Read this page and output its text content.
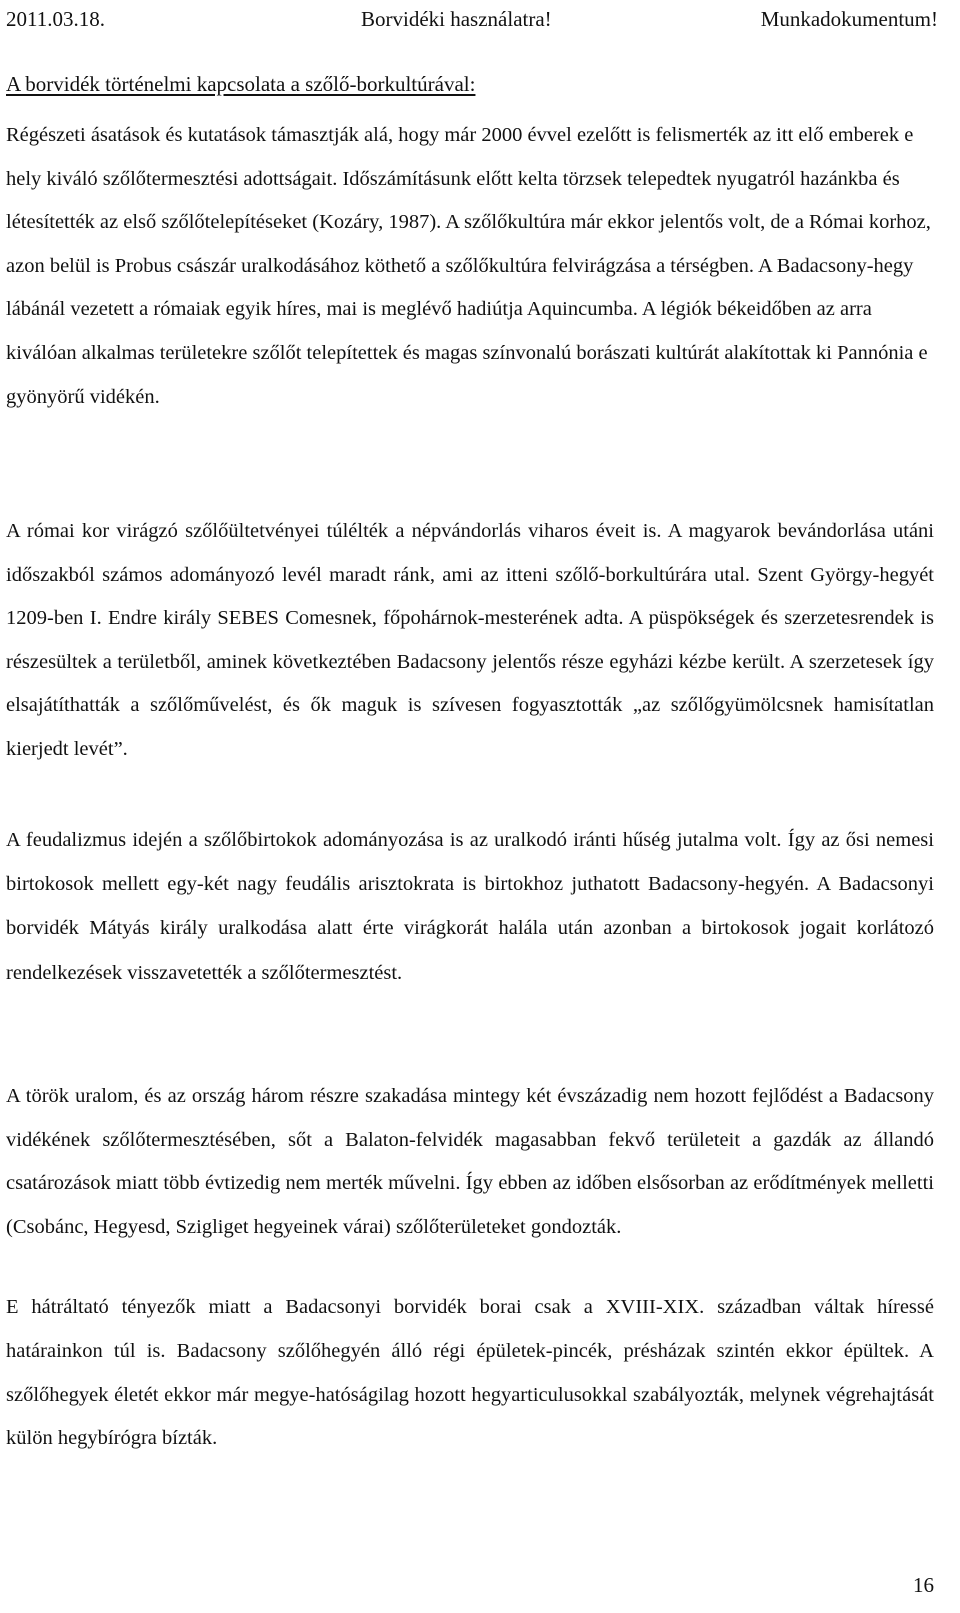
2011.03.18.	Borvidéki használatra!	Munkadokumentum!
A borvidék történelmi kapcsolata a szőlő-borkultúrával:

Régészeti ásatások és kutatások támasztják alá, hogy már 2000 évvel ezelőtt is felismerték az itt elő emberek e hely kiváló szőlőtermesztési adottságait. Időszámításunk előtt kelta törzsek telepedtek nyugatról hazánkba és létesítették az első szőlőtelepítéseket (Kozáry, 1987). A szőlőkultúra már ekkor jelentős volt, de a Római korhoz, azon belül is Probus császár uralkodásához köthető a szőlőkultúra felvirágzása a térségben. A Badacsony-hegy lábánál vezetett a rómaiak egyik híres, mai is meglévő hadiútja Aquincumba. A légiók békeidőben az arra kiválóan alkalmas területekre szőlőt telepítettek és magas színvonalú borászati kultúrát alakítottak ki Pannónia e gyönyörű vidékén.

A római kor virágzó szőlőültetvényei túlélték a népvándorlás viharos éveit is. A magyarok bevándorlása utáni időszakból számos adományozó levél maradt ránk, ami az itteni szőlő-borkultúrára utal. Szent György-hegyét 1209-ben I. Endre király SEBES Comesnek, főpohárnok-mesterének adta. A püspökségek és szerzetesrendek is részesültek a területből, aminek következtében Badacsony jelentős része egyházi kézbe került. A szerzetesek így elsajátíthatták a szőlőművelést, és ők maguk is szívesen fogyasztották „az szőlőgyümölcsnek hamisítatlan kierjedt levét”.

A feudalizmus idején a szőlőbirtokok adományozása is az uralkodó iránti hűség jutalma volt. Így az ősi nemesi birtokosok mellett egy-két nagy feudális arisztokrata is birtokhoz juthatott Badacsony-hegyén. A Badacsonyi borvidék Mátyás király uralkodása alatt érte virágkorát halála után azonban a birtokosok jogait korlátozó rendelkezések visszavetették a szőlőtermesztést.

A török uralom, és az ország három részre szakadása mintegy két évszázadig nem hozott fejlődést a Badacsony vidékének szőlőtermesztésében, sőt a Balaton-felvidék magasabban fekvő területeit a gazdák az állandó csatározások miatt több évtizedig nem merték művelni. Így ebben az időben elsősorban az erődítmények melletti (Csobánc, Hegyesd, Szigliget hegyeinek várai) szőlőterületeket gondozták.

E hátráltató tényezők miatt a Badacsonyi borvidék borai csak a XVIII-XIX. században váltak híressé határainkon túl is. Badacsony szőlőhegyén álló régi épületek-pincék, présházak szintén ekkor épültek. A szőlőhegyek életét ekkor már megye-hatóságilag hozott hegyarticulusokkal szabályozták, melynek végrehajtását külön hegybírógra bízták.

16
